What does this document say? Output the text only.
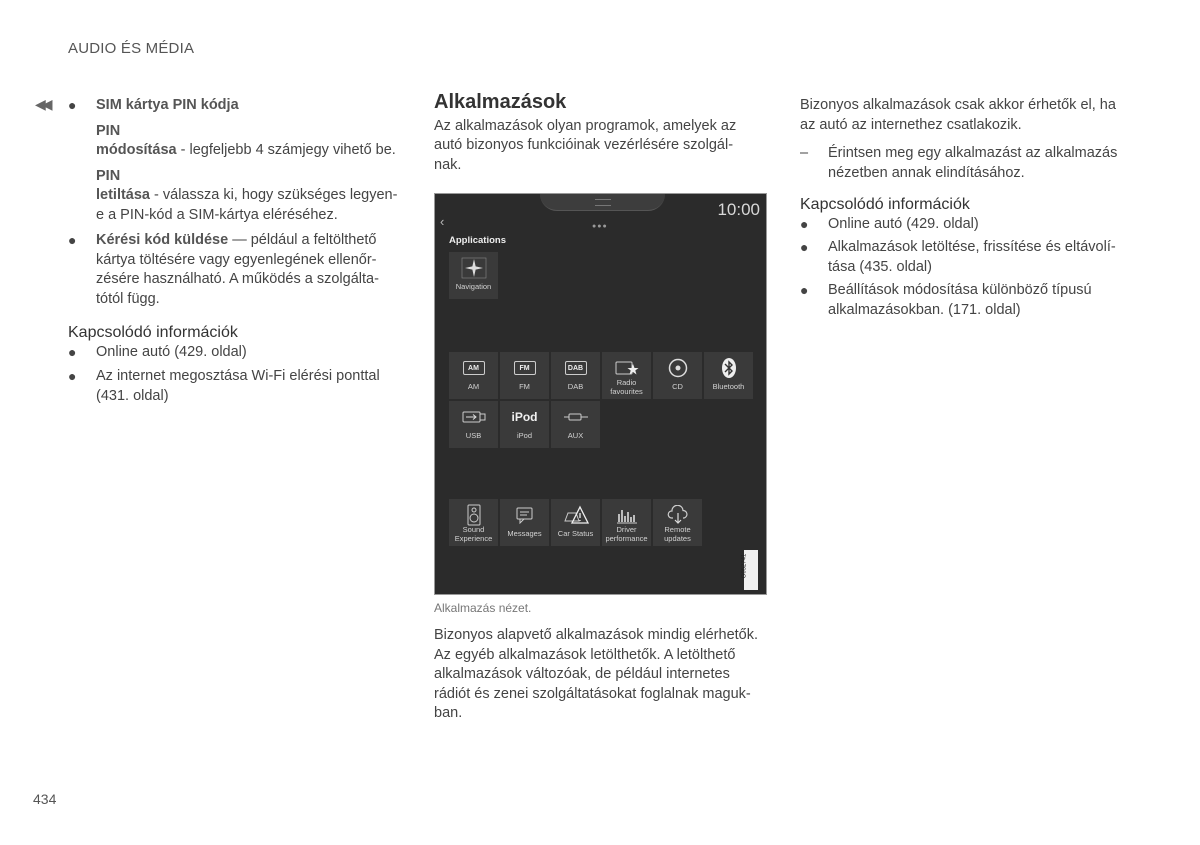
AUDIO ÉS MÉDIA
◀◀
434
● SIM kártya PIN kódja

PIN

módosítása - legfeljebb 4 számjegy vihető be.

PIN

letiltása - válassza ki, hogy szükséges legyen-e a PIN-kód a SIM-kártya eléréséhez.

● Kérési kód küldése — például a feltölthető kártya töltésére vagy egyenlegének ellenőr-zésére használható. A működés a szolgálta-tótól függ.

Kapcsolódó információk

● Online autó (429. oldal)

● Az internet megosztása Wi-Fi elérési ponttal (431. oldal)

Alkalmazások

Az alkalmazások olyan programok, amelyek az autó bizonyos funkcióinak vezérlésére szolgál-nak.

10:00
‹	●●●
Applications
Navigation
AM
AM
FM
FM
DAB
DAB	Radio favourites
CD	Bluetooth
USB
iPod
iPod	AUX
Sound Experience
Messages	Car Status	Driver performance
Remote updates
G052741
Alkalmazás nézet.

Bizonyos alapvető alkalmazások mindig elérhetők. Az egyéb alkalmazások letölthetők. A letölthető alkalmazások változóak, de például internetes rádiót és zenei szolgáltatásokat foglalnak maguk-ban.

Bizonyos alkalmazások csak akkor érhetők el, ha az autó az internethez csatlakozik.

– Érintsen meg egy alkalmazást az alkalmazás nézetben annak elindításához.

Kapcsolódó információk

● Online autó (429. oldal)

● Alkalmazások letöltése, frissítése és eltávolí-tása (435. oldal)

● Beállítások módosítása különböző típusú alkalmazásokban. (171. oldal)
